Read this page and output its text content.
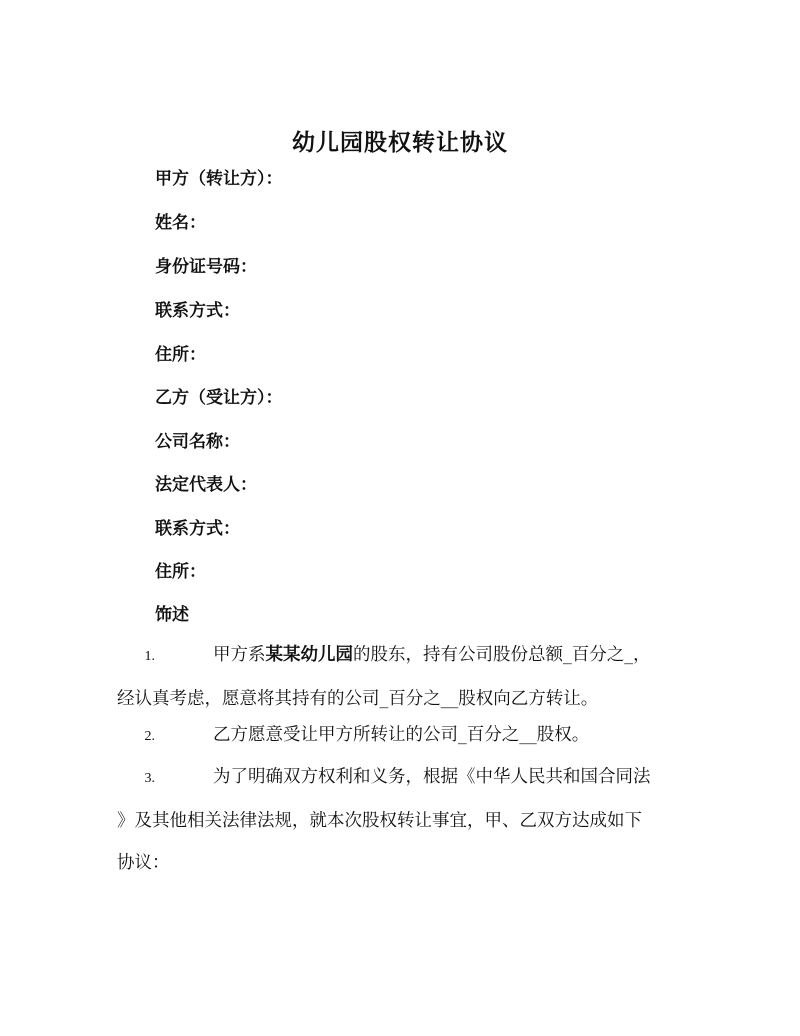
幼儿园股权转让协议
甲方（转让方）：
姓名：
身份证号码：
联系方式：
住所：
乙方（受让方）：
公司名称：
法定代表人：
联系方式：
住所：
饰述
1.	甲方系某某幼儿园的股东，持有公司股份总额_百分之_，
经认真考虑，愿意将其持有的公司_百分之__股权向乙方转让。
2.	乙方愿意受让甲方所转让的公司_百分之__股权。
3.	为了明确双方权利和义务，根据《中华人民共和国合同法
》及其他相关法律法规，就本次股权转让事宜，甲、乙双方达成如下
协议：
